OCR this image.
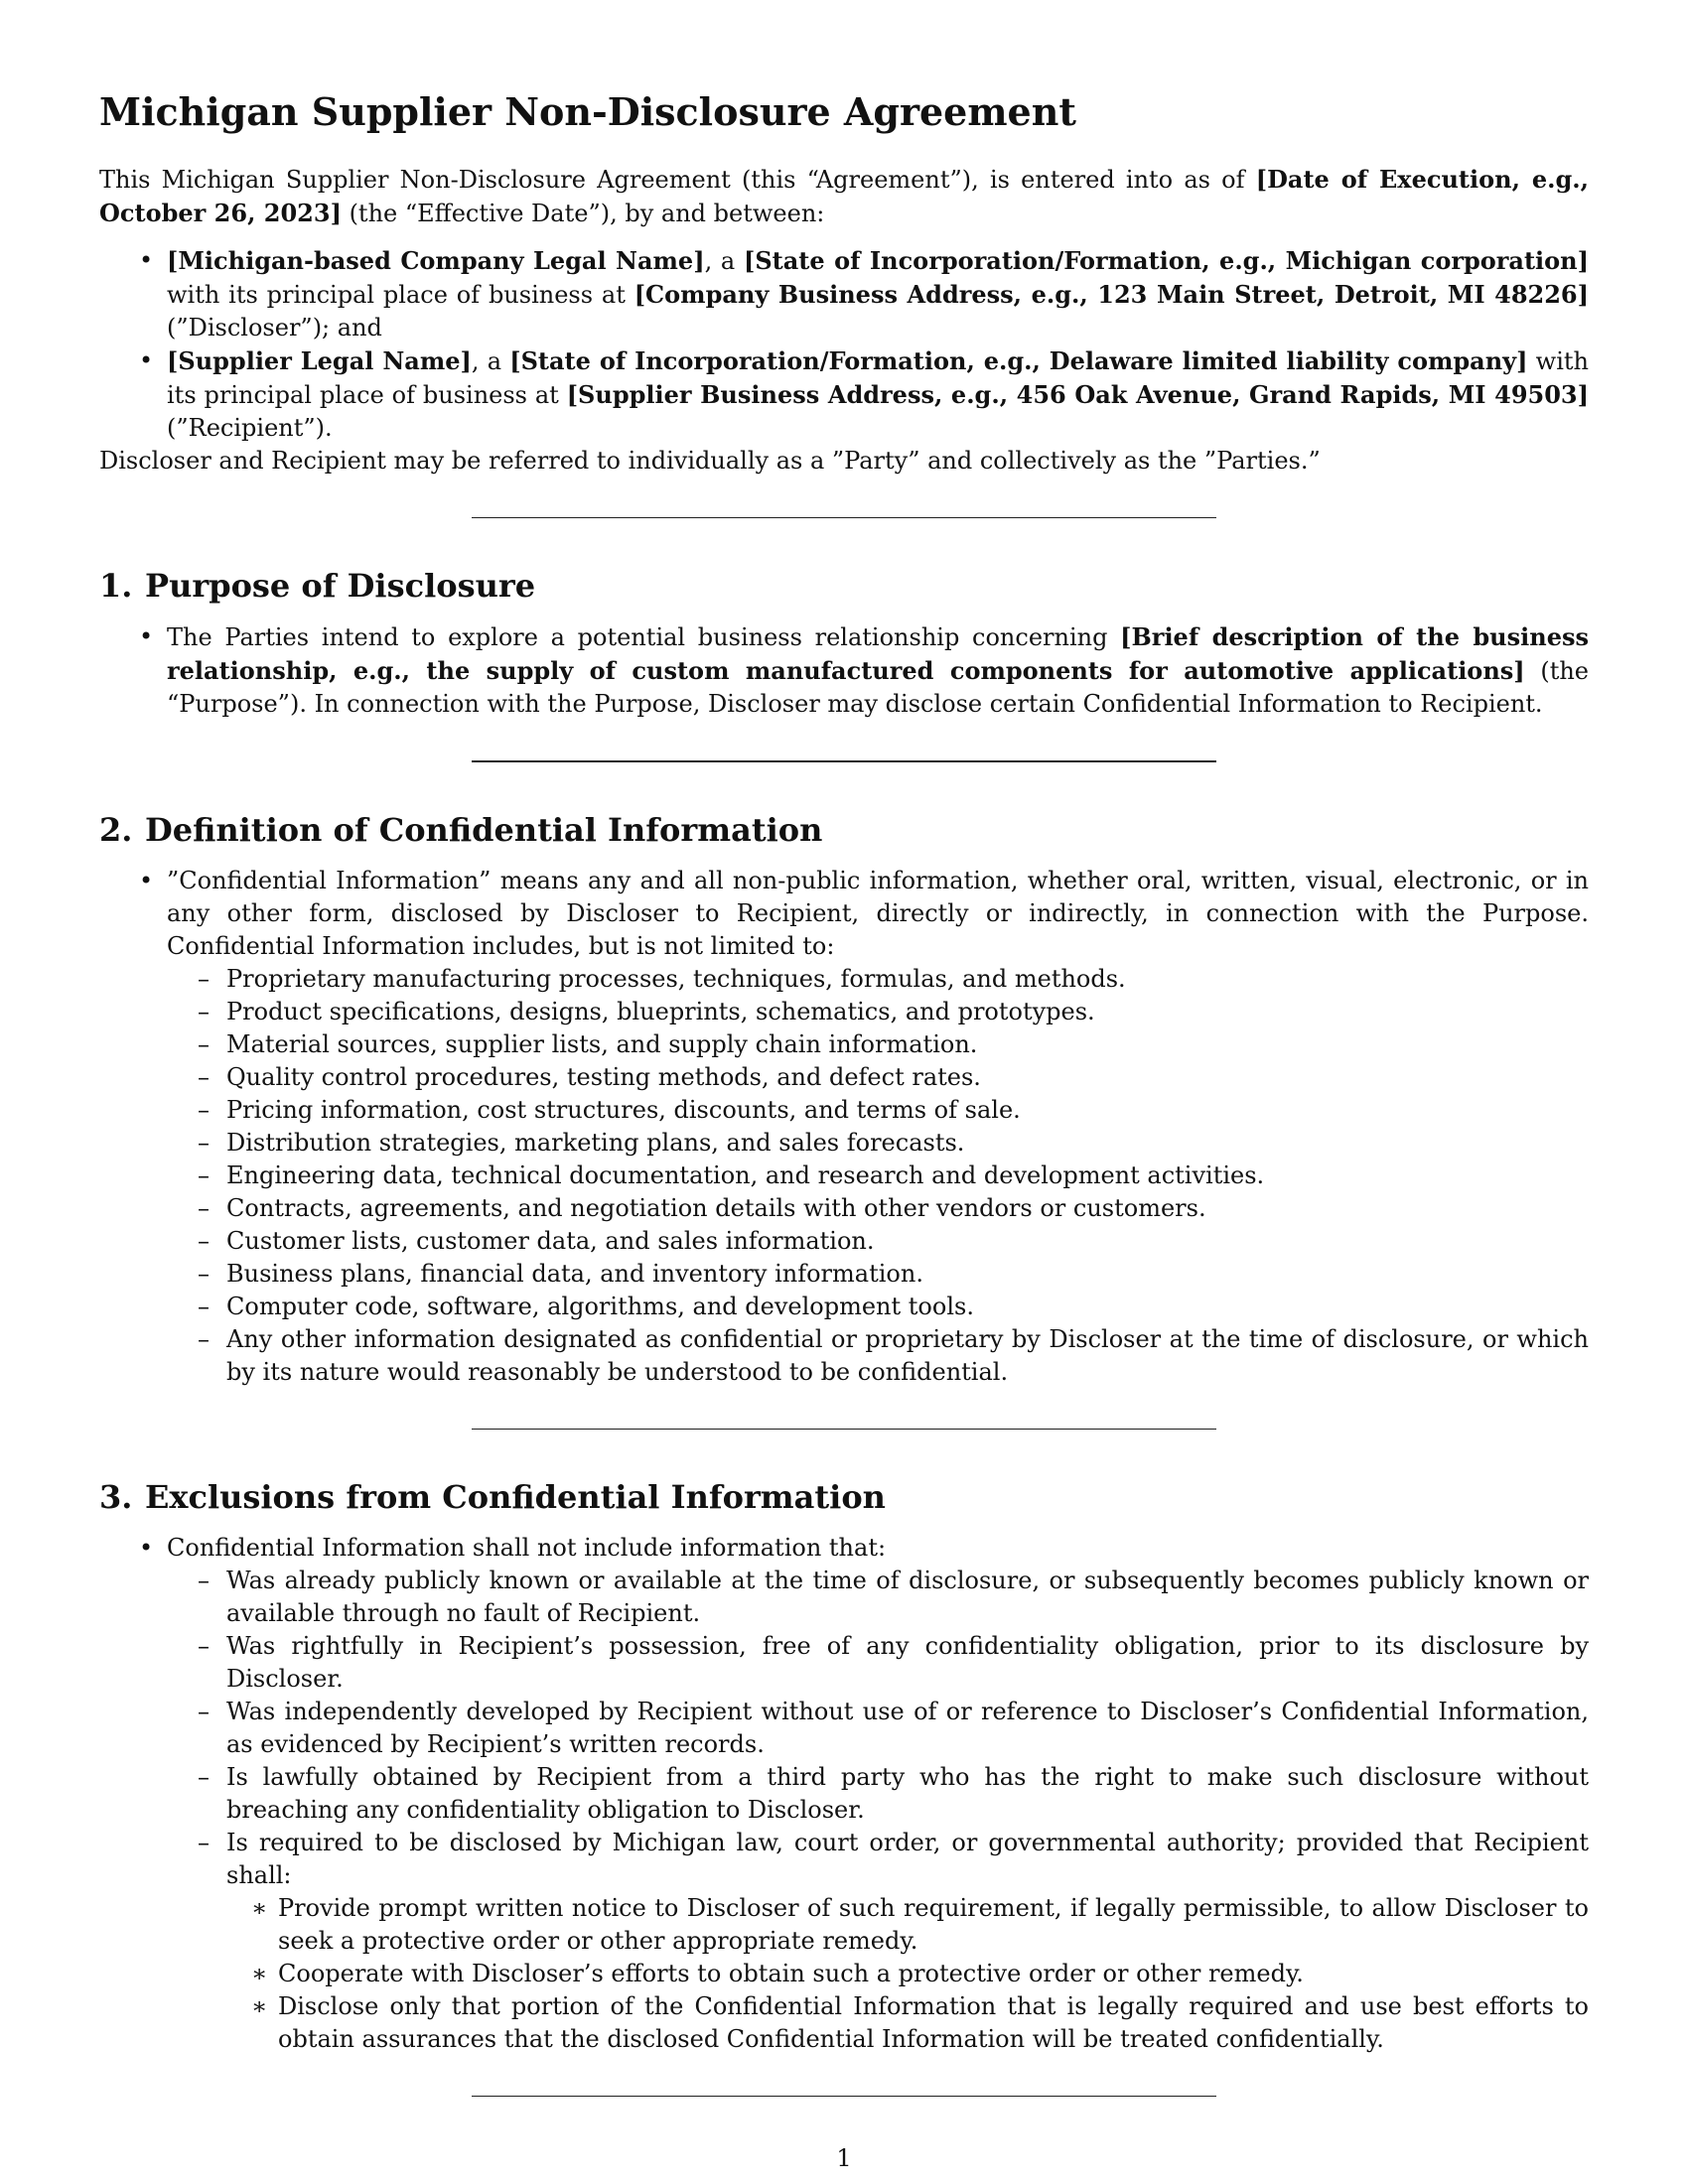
Michigan Supplier Non-Disclosure Agreement

This Michigan Supplier Non-Disclosure Agreement (this “Agreement”), is entered into as of [Date of Execution, e.g., October 26, 2023] (the “Effective Date”), by and between:

• [Michigan-based Company Legal Name], a [State of Incorporation/Formation, e.g., Michigan corporation] with its principal place of business at [Company Business Address, e.g., 123 Main Street, Detroit, MI 48226] (”Discloser”); and
• [Supplier Legal Name], a [State of Incorporation/Formation, e.g., Delaware limited liability company] with its principal place of business at [Supplier Business Address, e.g., 456 Oak Avenue, Grand Rapids, MI 49503] (”Recipient”).

Discloser and Recipient may be referred to individually as a ”Party” and collectively as the ”Parties.”

1. Purpose of Disclosure
• The Parties intend to explore a potential business relationship concerning [Brief description of the business relationship, e.g., the supply of custom manufactured components for automotive applications] (the “Purpose”). In connection with the Purpose, Discloser may disclose certain Confidential Information to Recipient.
2. Definition of Confidential Information
• ”Confidential Information” means any and all non-public information, whether oral, written, visual, electronic, or in any other form, disclosed by Discloser to Recipient, directly or indirectly, in connection with the Purpose. Confidential Information includes, but is not limited to:
– Proprietary manufacturing processes, techniques, formulas, and methods.
– Product specifications, designs, blueprints, schematics, and prototypes.
– Material sources, supplier lists, and supply chain information.
– Quality control procedures, testing methods, and defect rates.
– Pricing information, cost structures, discounts, and terms of sale.
– Distribution strategies, marketing plans, and sales forecasts.
– Engineering data, technical documentation, and research and development activities.
– Contracts, agreements, and negotiation details with other vendors or customers.
– Customer lists, customer data, and sales information.
– Business plans, financial data, and inventory information.
– Computer code, software, algorithms, and development tools.
– Any other information designated as confidential or proprietary by Discloser at the time of disclosure, or which by its nature would reasonably be understood to be confidential.
3. Exclusions from Confidential Information
• Confidential Information shall not include information that:
– Was already publicly known or available at the time of disclosure, or subsequently becomes publicly known or available through no fault of Recipient.
– Was rightfully in Recipient’s possession, free of any confidentiality obligation, prior to its disclosure by Discloser.
– Was independently developed by Recipient without use of or reference to Discloser’s Confidential Information, as evidenced by Recipient’s written records.
– Is lawfully obtained by Recipient from a third party who has the right to make such disclosure without breaching any confidentiality obligation to Discloser.
– Is required to be disclosed by Michigan law, court order, or governmental authority; provided that Recipient shall:
∗ Provide prompt written notice to Discloser of such requirement, if legally permissible, to allow Discloser to seek a protective order or other appropriate remedy.
∗ Cooperate with Discloser’s efforts to obtain such a protective order or other remedy.
∗ Disclose only that portion of the Confidential Information that is legally required and use best efforts to obtain assurances that the disclosed Confidential Information will be treated confidentially.
1
